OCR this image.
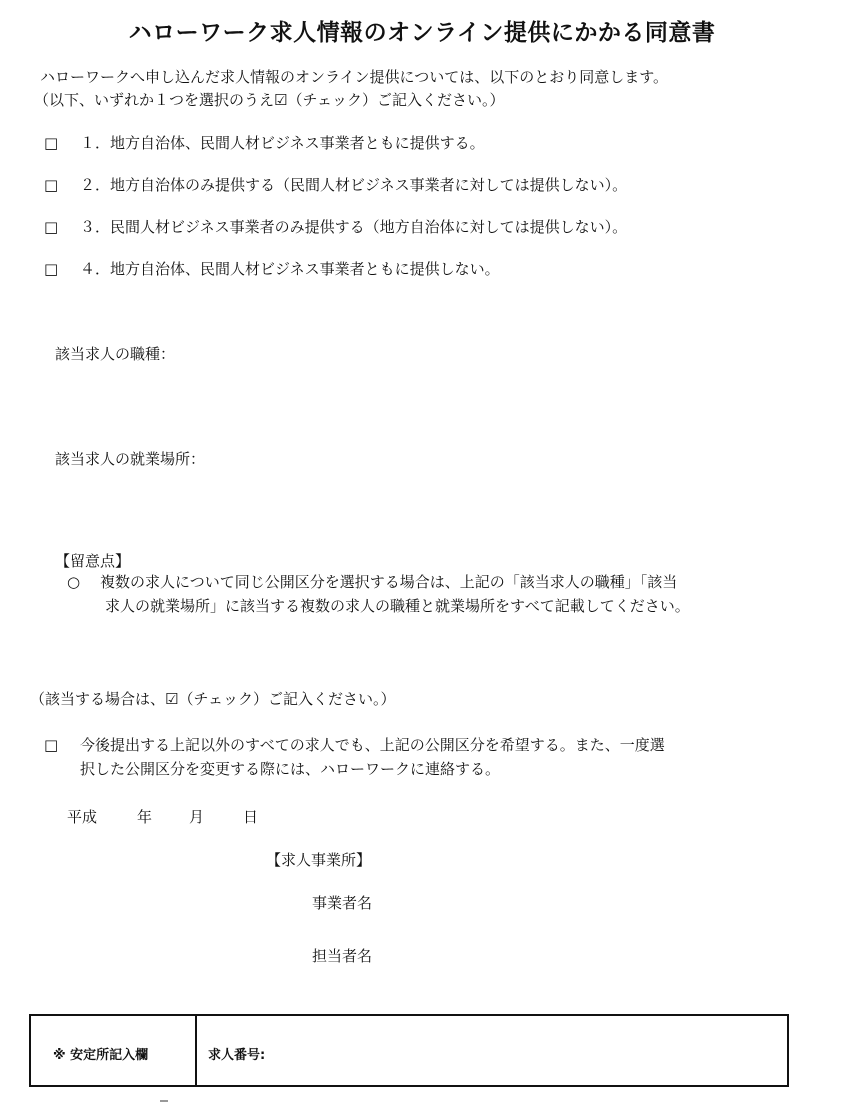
ハローワーク求人情報のオンライン提供にかかる同意書
ハローワークへ申し込んだ求人情報のオンライン提供については、以下のとおり同意します。
（以下、いずれか１つを選択のうえ☑（チェック）ご記入ください。）
□ １．地方自治体、民間人材ビジネス事業者ともに提供する。
□ ２．地方自治体のみ提供する（民間人材ビジネス事業者に対しては提供しない）。
□ ３．民間人材ビジネス事業者のみ提供する（地方自治体に対しては提供しない）。
□ ４．地方自治体、民間人材ビジネス事業者ともに提供しない。
該当求人の職種：
該当求人の就業場所：
【留意点】
○ 複数の求人について同じ公開区分を選択する場合は、上記の「該当求人の職種」「該当
求人の就業場所」に該当する複数の求人の職種と就業場所をすべて記載してください。
（該当する場合は、☑（チェック）ご記入ください。）
□ 今後提出する上記以外のすべての求人でも、上記の公開区分を希望する。また、一度選
択した公開区分を変更する際には、ハローワークに連絡する。
平成	年 月	日
【求人事業所】
事業者名
担当者名
※ 安定所記入欄	求人番号:
